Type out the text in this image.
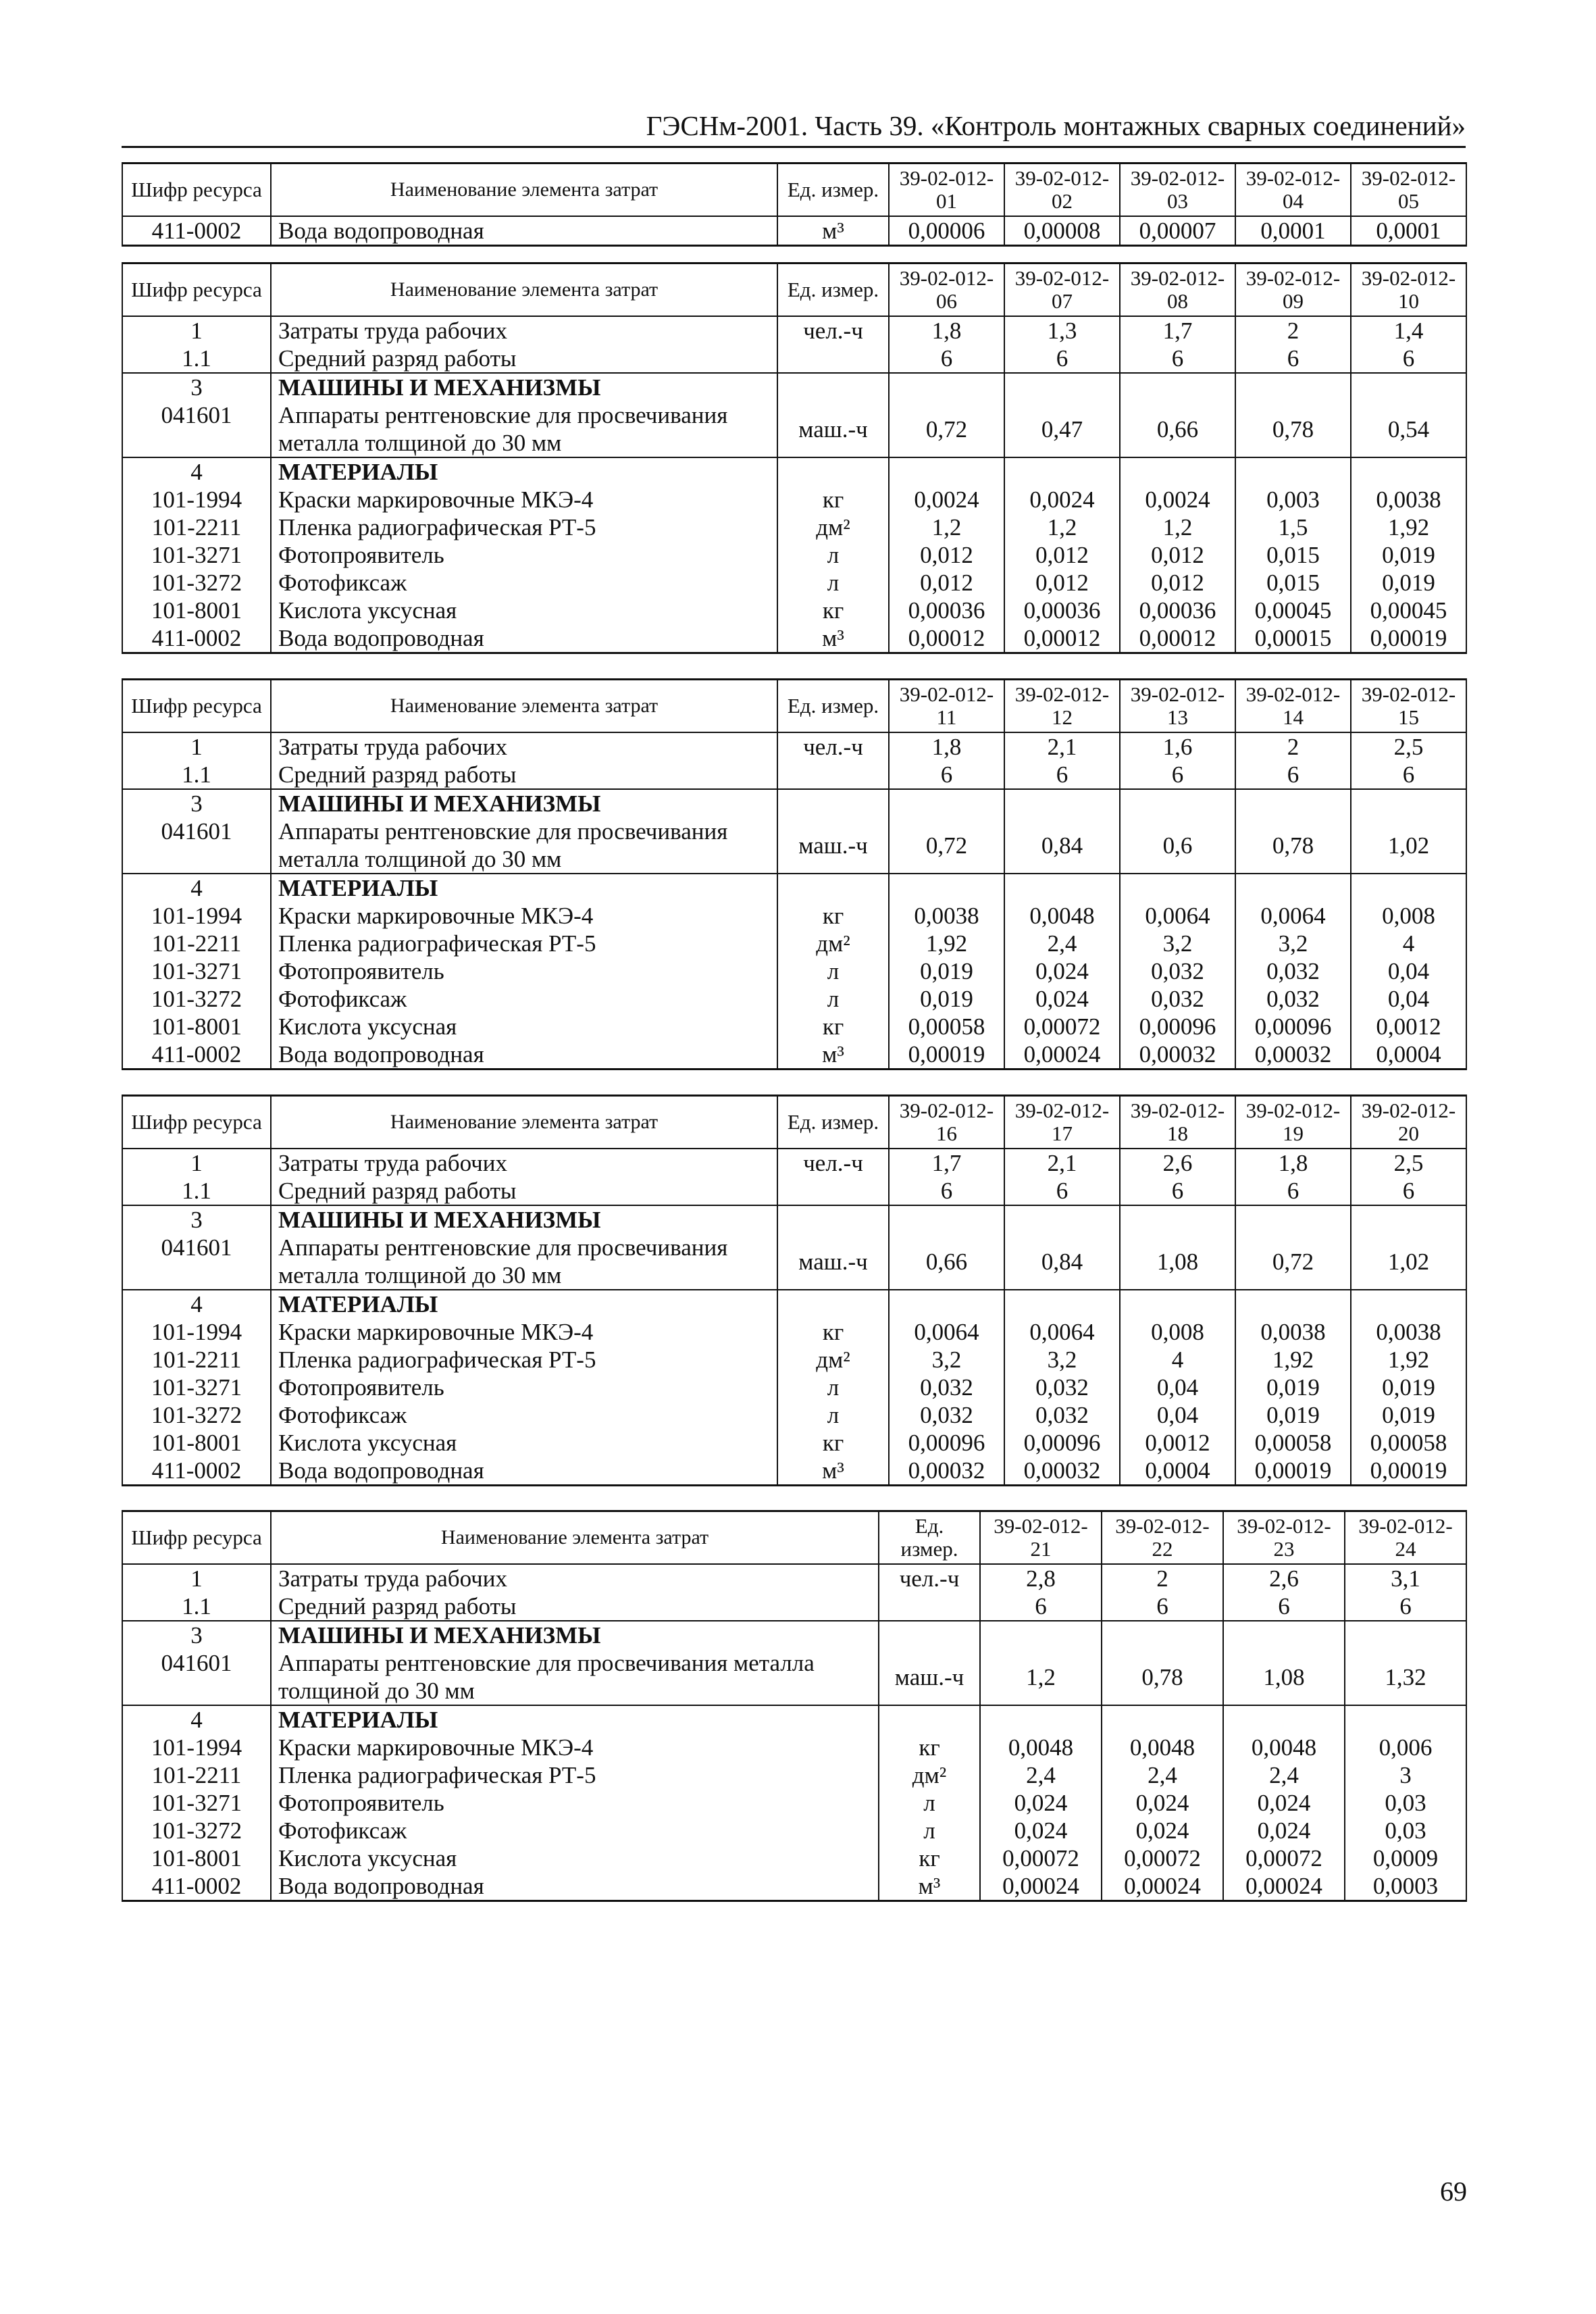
ГЭСНм-2001. Часть 39. «Контроль монтажных сварных соединений»
Шифр ресурса	Наименование элемента затрат	Ед. измер.	39-02-012-01	39-02-012-02	39-02-012-03	39-02-012-04	39-02-012-05
411-0002	Вода водопроводная	м³	0,00006	0,00008	0,00007	0,0001	0,0001
Шифр ресурса	Наименование элемента затрат	Ед. измер.	39-02-012-06	39-02-012-07	39-02-012-08	39-02-012-09	39-02-012-10
1	Затраты труда рабочих	чел.-ч	1,8	1,3	1,7	2	1,4
1.1	Средний разряд работы		6	6	6	6	6
3	МАШИНЫ И МЕХАНИЗМЫ						
041601	Аппараты рентгеновские для просвечивания металла толщиной до 30 мм	маш.-ч	0,72	0,47	0,66	0,78	0,54
4	МАТЕРИАЛЫ						
101-1994	Краски маркировочные МКЭ-4	кг	0,0024	0,0024	0,0024	0,003	0,0038
101-2211	Пленка радиографическая РТ-5	дм²	1,2	1,2	1,2	1,5	1,92
101-3271	Фотопроявитель	л	0,012	0,012	0,012	0,015	0,019
101-3272	Фотофиксаж	л	0,012	0,012	0,012	0,015	0,019
101-8001	Кислота уксусная	кг	0,00036	0,00036	0,00036	0,00045	0,00045
411-0002	Вода водопроводная	м³	0,00012	0,00012	0,00012	0,00015	0,00019
Шифр ресурса	Наименование элемента затрат	Ед. измер.	39-02-012-11	39-02-012-12	39-02-012-13	39-02-012-14	39-02-012-15
1	Затраты труда рабочих	чел.-ч	1,8	2,1	1,6	2	2,5
1.1	Средний разряд работы		6	6	6	6	6
3	МАШИНЫ И МЕХАНИЗМЫ						
041601	Аппараты рентгеновские для просвечивания металла толщиной до 30 мм	маш.-ч	0,72	0,84	0,6	0,78	1,02
4	МАТЕРИАЛЫ						
101-1994	Краски маркировочные МКЭ-4	кг	0,0038	0,0048	0,0064	0,0064	0,008
101-2211	Пленка радиографическая РТ-5	дм²	1,92	2,4	3,2	3,2	4
101-3271	Фотопроявитель	л	0,019	0,024	0,032	0,032	0,04
101-3272	Фотофиксаж	л	0,019	0,024	0,032	0,032	0,04
101-8001	Кислота уксусная	кг	0,00058	0,00072	0,00096	0,00096	0,0012
411-0002	Вода водопроводная	м³	0,00019	0,00024	0,00032	0,00032	0,0004
Шифр ресурса	Наименование элемента затрат	Ед. измер.	39-02-012-16	39-02-012-17	39-02-012-18	39-02-012-19	39-02-012-20
1	Затраты труда рабочих	чел.-ч	1,7	2,1	2,6	1,8	2,5
1.1	Средний разряд работы		6	6	6	6	6
3	МАШИНЫ И МЕХАНИЗМЫ						
041601	Аппараты рентгеновские для просвечивания металла толщиной до 30 мм	маш.-ч	0,66	0,84	1,08	0,72	1,02
4	МАТЕРИАЛЫ						
101-1994	Краски маркировочные МКЭ-4	кг	0,0064	0,0064	0,008	0,0038	0,0038
101-2211	Пленка радиографическая РТ-5	дм²	3,2	3,2	4	1,92	1,92
101-3271	Фотопроявитель	л	0,032	0,032	0,04	0,019	0,019
101-3272	Фотофиксаж	л	0,032	0,032	0,04	0,019	0,019
101-8001	Кислота уксусная	кг	0,00096	0,00096	0,0012	0,00058	0,00058
411-0002	Вода водопроводная	м³	0,00032	0,00032	0,0004	0,00019	0,00019
Шифр ресурса	Наименование элемента затрат	Ед. измер.	39-02-012-21	39-02-012-22	39-02-012-23	39-02-012-24
1	Затраты труда рабочих	чел.-ч	2,8	2	2,6	3,1
1.1	Средний разряд работы		6	6	6	6
3	МАШИНЫ И МЕХАНИЗМЫ					
041601	Аппараты рентгеновские для просвечивания металла толщиной до 30 мм	маш.-ч	1,2	0,78	1,08	1,32
4	МАТЕРИАЛЫ					
101-1994	Краски маркировочные МКЭ-4	кг	0,0048	0,0048	0,0048	0,006
101-2211	Пленка радиографическая РТ-5	дм²	2,4	2,4	2,4	3
101-3271	Фотопроявитель	л	0,024	0,024	0,024	0,03
101-3272	Фотофиксаж	л	0,024	0,024	0,024	0,03
101-8001	Кислота уксусная	кг	0,00072	0,00072	0,00072	0,0009
411-0002	Вода водопроводная	м³	0,00024	0,00024	0,00024	0,0003
69
